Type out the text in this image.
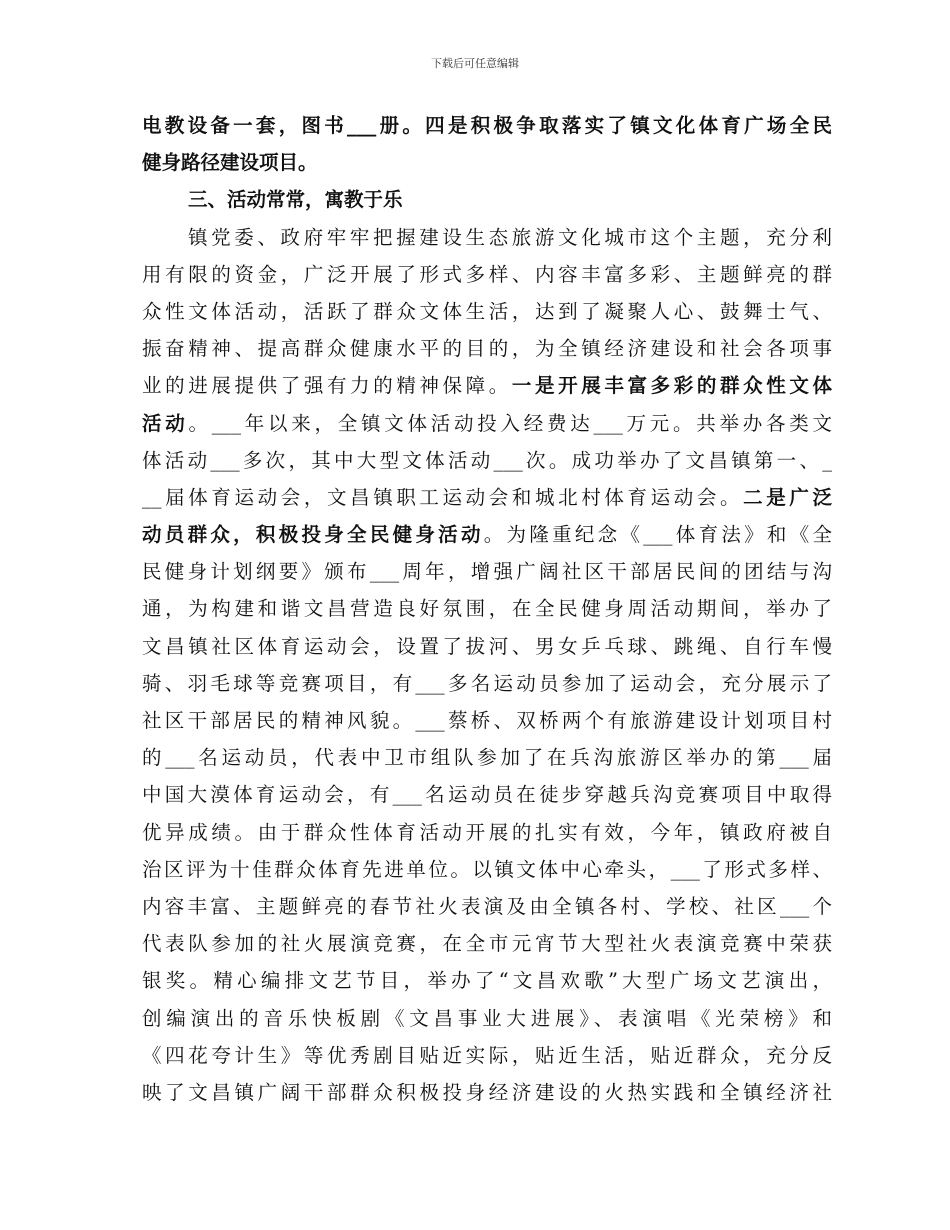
下载后可任意编辑
电教设备一套，图书___册。四是积极争取落实了镇文化体育广场全民
健身路径建设项目。
三、活动常常，寓教于乐
镇党委、政府牢牢把握建设生态旅游文化城市这个主题，充分利
用有限的资金，广泛开展了形式多样、内容丰富多彩、主题鲜亮的群
众性文体活动，活跃了群众文体生活，达到了凝聚人心、鼓舞士气、
振奋精神、提高群众健康水平的目的，为全镇经济建设和社会各项事
业的进展提供了强有力的精神保障。一是开展丰富多彩的群众性文体
活动。___年以来，全镇文体活动投入经费达___万元。共举办各类文
体活动___多次，其中大型文体活动___次。成功举办了文昌镇第一、_
__届体育运动会，文昌镇职工运动会和城北村体育运动会。二是广泛
动员群众，积极投身全民健身活动。为隆重纪念《___体育法》和《全
民健身计划纲要》颁布___周年，增强广阔社区干部居民间的团结与沟
通，为构建和谐文昌营造良好氛围，在全民健身周活动期间，举办了
文昌镇社区体育运动会，设置了拔河、男女乒乓球、跳绳、自行车慢
骑、羽毛球等竞赛项目，有___多名运动员参加了运动会，充分展示了
社区干部居民的精神风貌。___蔡桥、双桥两个有旅游建设计划项目村
的___名运动员，代表中卫市组队参加了在兵沟旅游区举办的第___届
中国大漠体育运动会，有___名运动员在徒步穿越兵沟竞赛项目中取得
优异成绩。由于群众性体育活动开展的扎实有效，今年，镇政府被自
治区评为十佳群众体育先进单位。以镇文体中心牵头，___了形式多样、
内容丰富、主题鲜亮的春节社火表演及由全镇各村、学校、社区___个
代表队参加的社火展演竞赛，在全市元宵节大型社火表演竞赛中荣获
银奖。精心编排文艺节目，举办了“文昌欢歌”大型广场文艺演出，
创编演出的音乐快板剧《文昌事业大进展》、表演唱《光荣榜》和
《四花夸计生》等优秀剧目贴近实际，贴近生活，贴近群众，充分反
映了文昌镇广阔干部群众积极投身经济建设的火热实践和全镇经济社
